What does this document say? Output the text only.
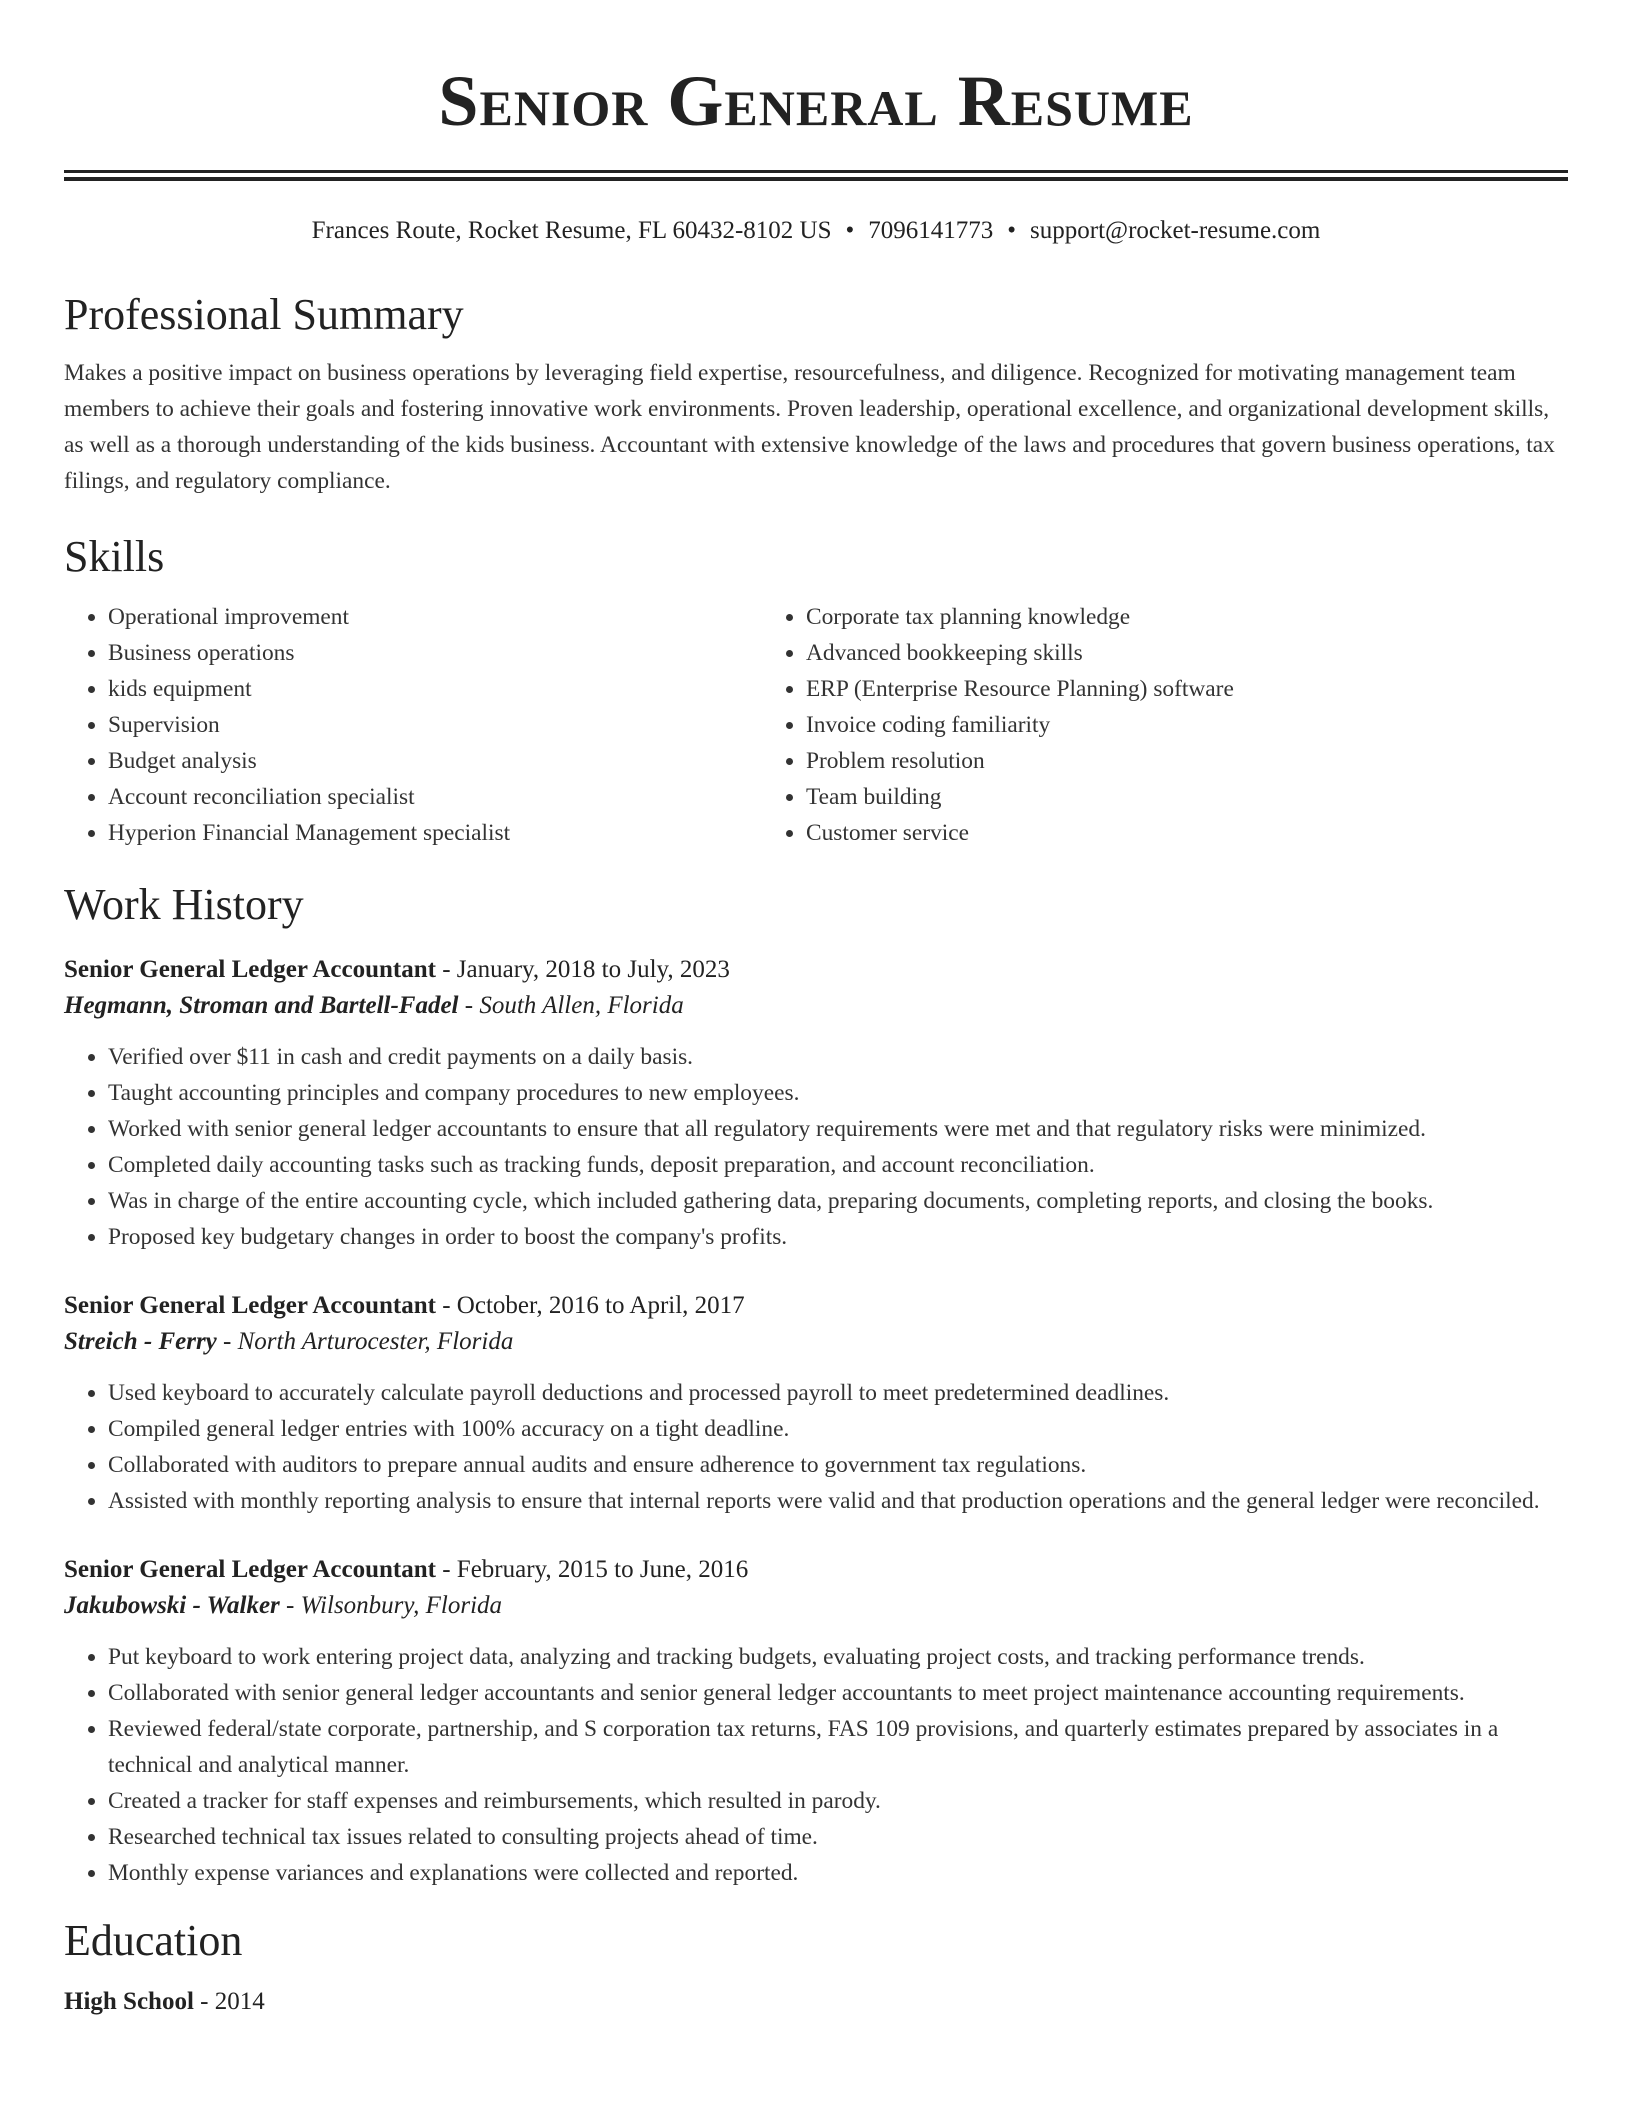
Senior General Resume
Frances Route, Rocket Resume, FL 60432-8102 US • 7096141773 • support@rocket-resume.com
Professional Summary

Makes a positive impact on business operations by leveraging field expertise, resourcefulness, and diligence. Recognized for motivating management team members to achieve their goals and fostering innovative work environments. Proven leadership, operational excellence, and organizational development skills, as well as a thorough understanding of the kids business. Accountant with extensive knowledge of the laws and procedures that govern business operations, tax filings, and regulatory compliance.

Skills
• Operational improvement
• Business operations
• kids equipment
• Supervision
• Budget analysis
• Account reconciliation specialist
• Hyperion Financial Management specialist
• Corporate tax planning knowledge
• Advanced bookkeeping skills
• ERP (Enterprise Resource Planning) software
• Invoice coding familiarity
• Problem resolution
• Team building
• Customer service
Work History
Senior General Ledger Accountant - January, 2018 to July, 2023
Hegmann, Stroman and Bartell-Fadel - South Allen, Florida
• Verified over $11 in cash and credit payments on a daily basis.
• Taught accounting principles and company procedures to new employees.
• Worked with senior general ledger accountants to ensure that all regulatory requirements were met and that regulatory risks were minimized.
• Completed daily accounting tasks such as tracking funds, deposit preparation, and account reconciliation.
• Was in charge of the entire accounting cycle, which included gathering data, preparing documents, completing reports, and closing the books.
• Proposed key budgetary changes in order to boost the company's profits.
Senior General Ledger Accountant - October, 2016 to April, 2017
Streich - Ferry - North Arturocester, Florida
• Used keyboard to accurately calculate payroll deductions and processed payroll to meet predetermined deadlines.
• Compiled general ledger entries with 100% accuracy on a tight deadline.
• Collaborated with auditors to prepare annual audits and ensure adherence to government tax regulations.
• Assisted with monthly reporting analysis to ensure that internal reports were valid and that production operations and the general ledger were reconciled.
Senior General Ledger Accountant - February, 2015 to June, 2016
Jakubowski - Walker - Wilsonbury, Florida
• Put keyboard to work entering project data, analyzing and tracking budgets, evaluating project costs, and tracking performance trends.
• Collaborated with senior general ledger accountants and senior general ledger accountants to meet project maintenance accounting requirements.
• Reviewed federal/state corporate, partnership, and S corporation tax returns, FAS 109 provisions, and quarterly estimates prepared by associates in a technical and analytical manner.
• Created a tracker for staff expenses and reimbursements, which resulted in parody.
• Researched technical tax issues related to consulting projects ahead of time.
• Monthly expense variances and explanations were collected and reported.
Education
High School - 2014
